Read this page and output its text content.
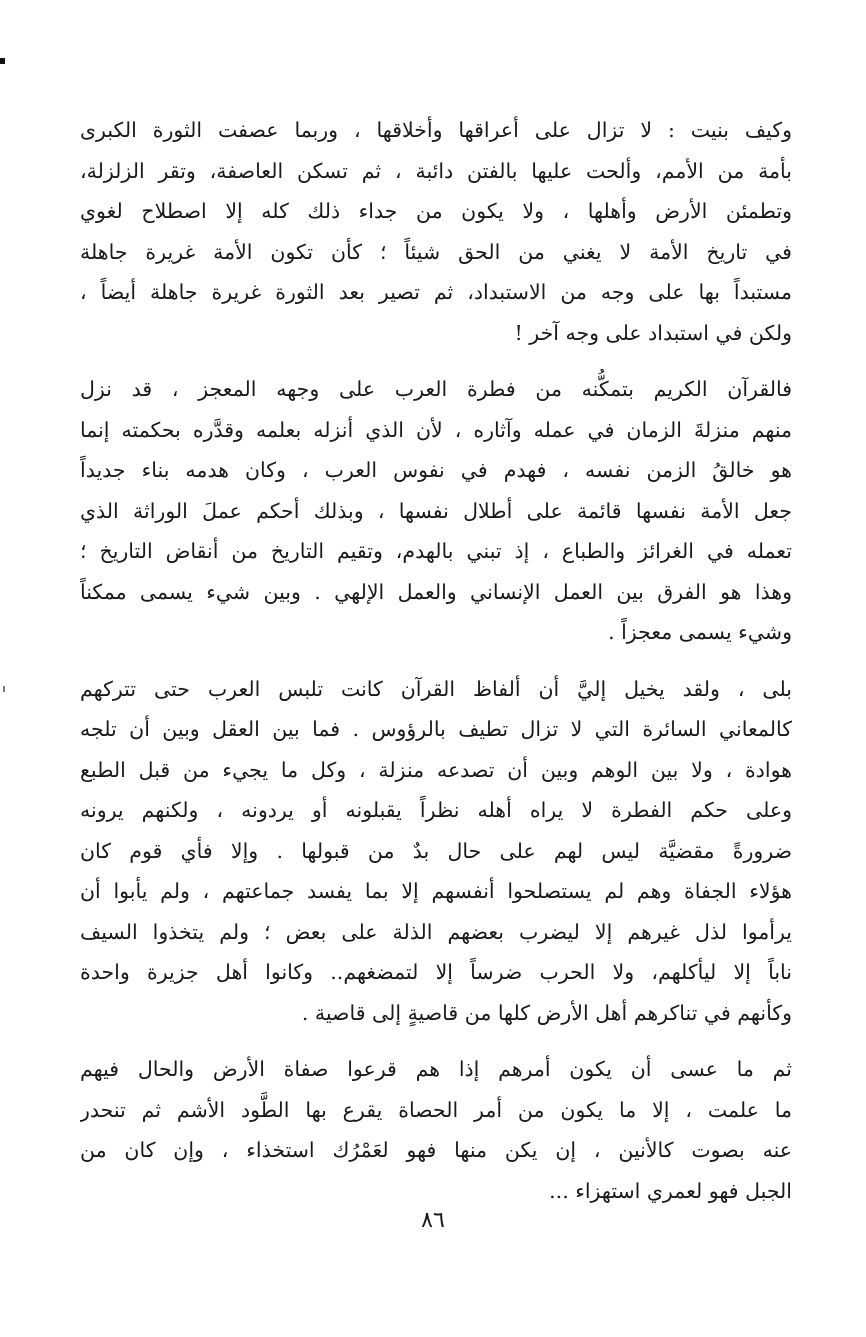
وكيف بنيت : لا تزال على أعراقها وأخلاقها ، وربما عصفت الثورة الكبرى
بأمة من الأمم، وألحت عليها بالفتن دائبة ، ثم تسكن العاصفة، وتقر الزلزلة،
وتطمئن الأرض وأهلها ، ولا يكون من جداء ذلك كله إلا اصطلاح لغوي
في تاريخ الأمة لا يغني من الحق شيئاً ؛ كأن تكون الأمة غريرة جاهلة
مستبداً بها على وجه من الاستبداد، ثم تصير بعد الثورة غريرة جاهلة أيضاً ،
ولكن في استبداد على وجه آخر !
فالقرآن الكريم بتمكُّنه من فطرة العرب على وجهه المعجز ، قد نزل
منهم منزلةَ الزمان في عمله وآثاره ، لأن الذي أنزله بعلمه وقدَّره بحكمته إنما
هو خالقُ الزمن نفسه ، فهدم في نفوس العرب ، وكان هدمه بناء جديداً
جعل الأمة نفسها قائمة على أطلال نفسها ، وبذلك أحكم عملَ الوراثة الذي
تعمله في الغرائز والطباع ، إذ تبني بالهدم، وتقيم التاريخ من أنقاض التاريخ ؛
وهذا هو الفرق بين العمل الإنساني والعمل الإلهي . وبين شيء يسمى ممكناً
وشيء يسمى معجزاً .
بلى ، ولقد يخيل إليَّ أن ألفاظ القرآن كانت تلبس العرب حتى تتركهم
كالمعاني السائرة التي لا تزال تطيف بالرؤوس . فما بين العقل وبين أن تلجه
هوادة ، ولا بين الوهم وبين أن تصدعه منزلة ، وكل ما يجيء من قبل الطبع
وعلى حكم الفطرة لا يراه أهله نظراً يقبلونه أو يردونه ، ولكنهم يرونه
ضرورةً مقضيَّة ليس لهم على حال بدٌ من قبولها . وإلا فأي قوم كان
هؤلاء الجفاة وهم لم يستصلحوا أنفسهم إلا بما يفسد جماعتهم ، ولم يأبوا أن
يرأموا لذل غيرهم إلا ليضرب بعضهم الذلة على بعض ؛ ولم يتخذوا السيف
ناباً إلا ليأكلهم، ولا الحرب ضرساً إلا لتمضغهم.. وكانوا أهل جزيرة واحدة
وكأنهم في تناكرهم أهل الأرض كلها من قاصيةٍ إلى قاصية .
ثم ما عسى أن يكون أمرهم إذا هم قرعوا صفاة الأرض والحال فيهم
ما علمت ، إلا ما يكون من أمر الحصاة يقرع بها الطَّود الأشم ثم تنحدر
عنه بصوت كالأنين ، إن يكن منها فهو لعَمْرُك استخذاء ، وإن كان من
الجبل فهو لعمري استهزاء ...
٨٦
